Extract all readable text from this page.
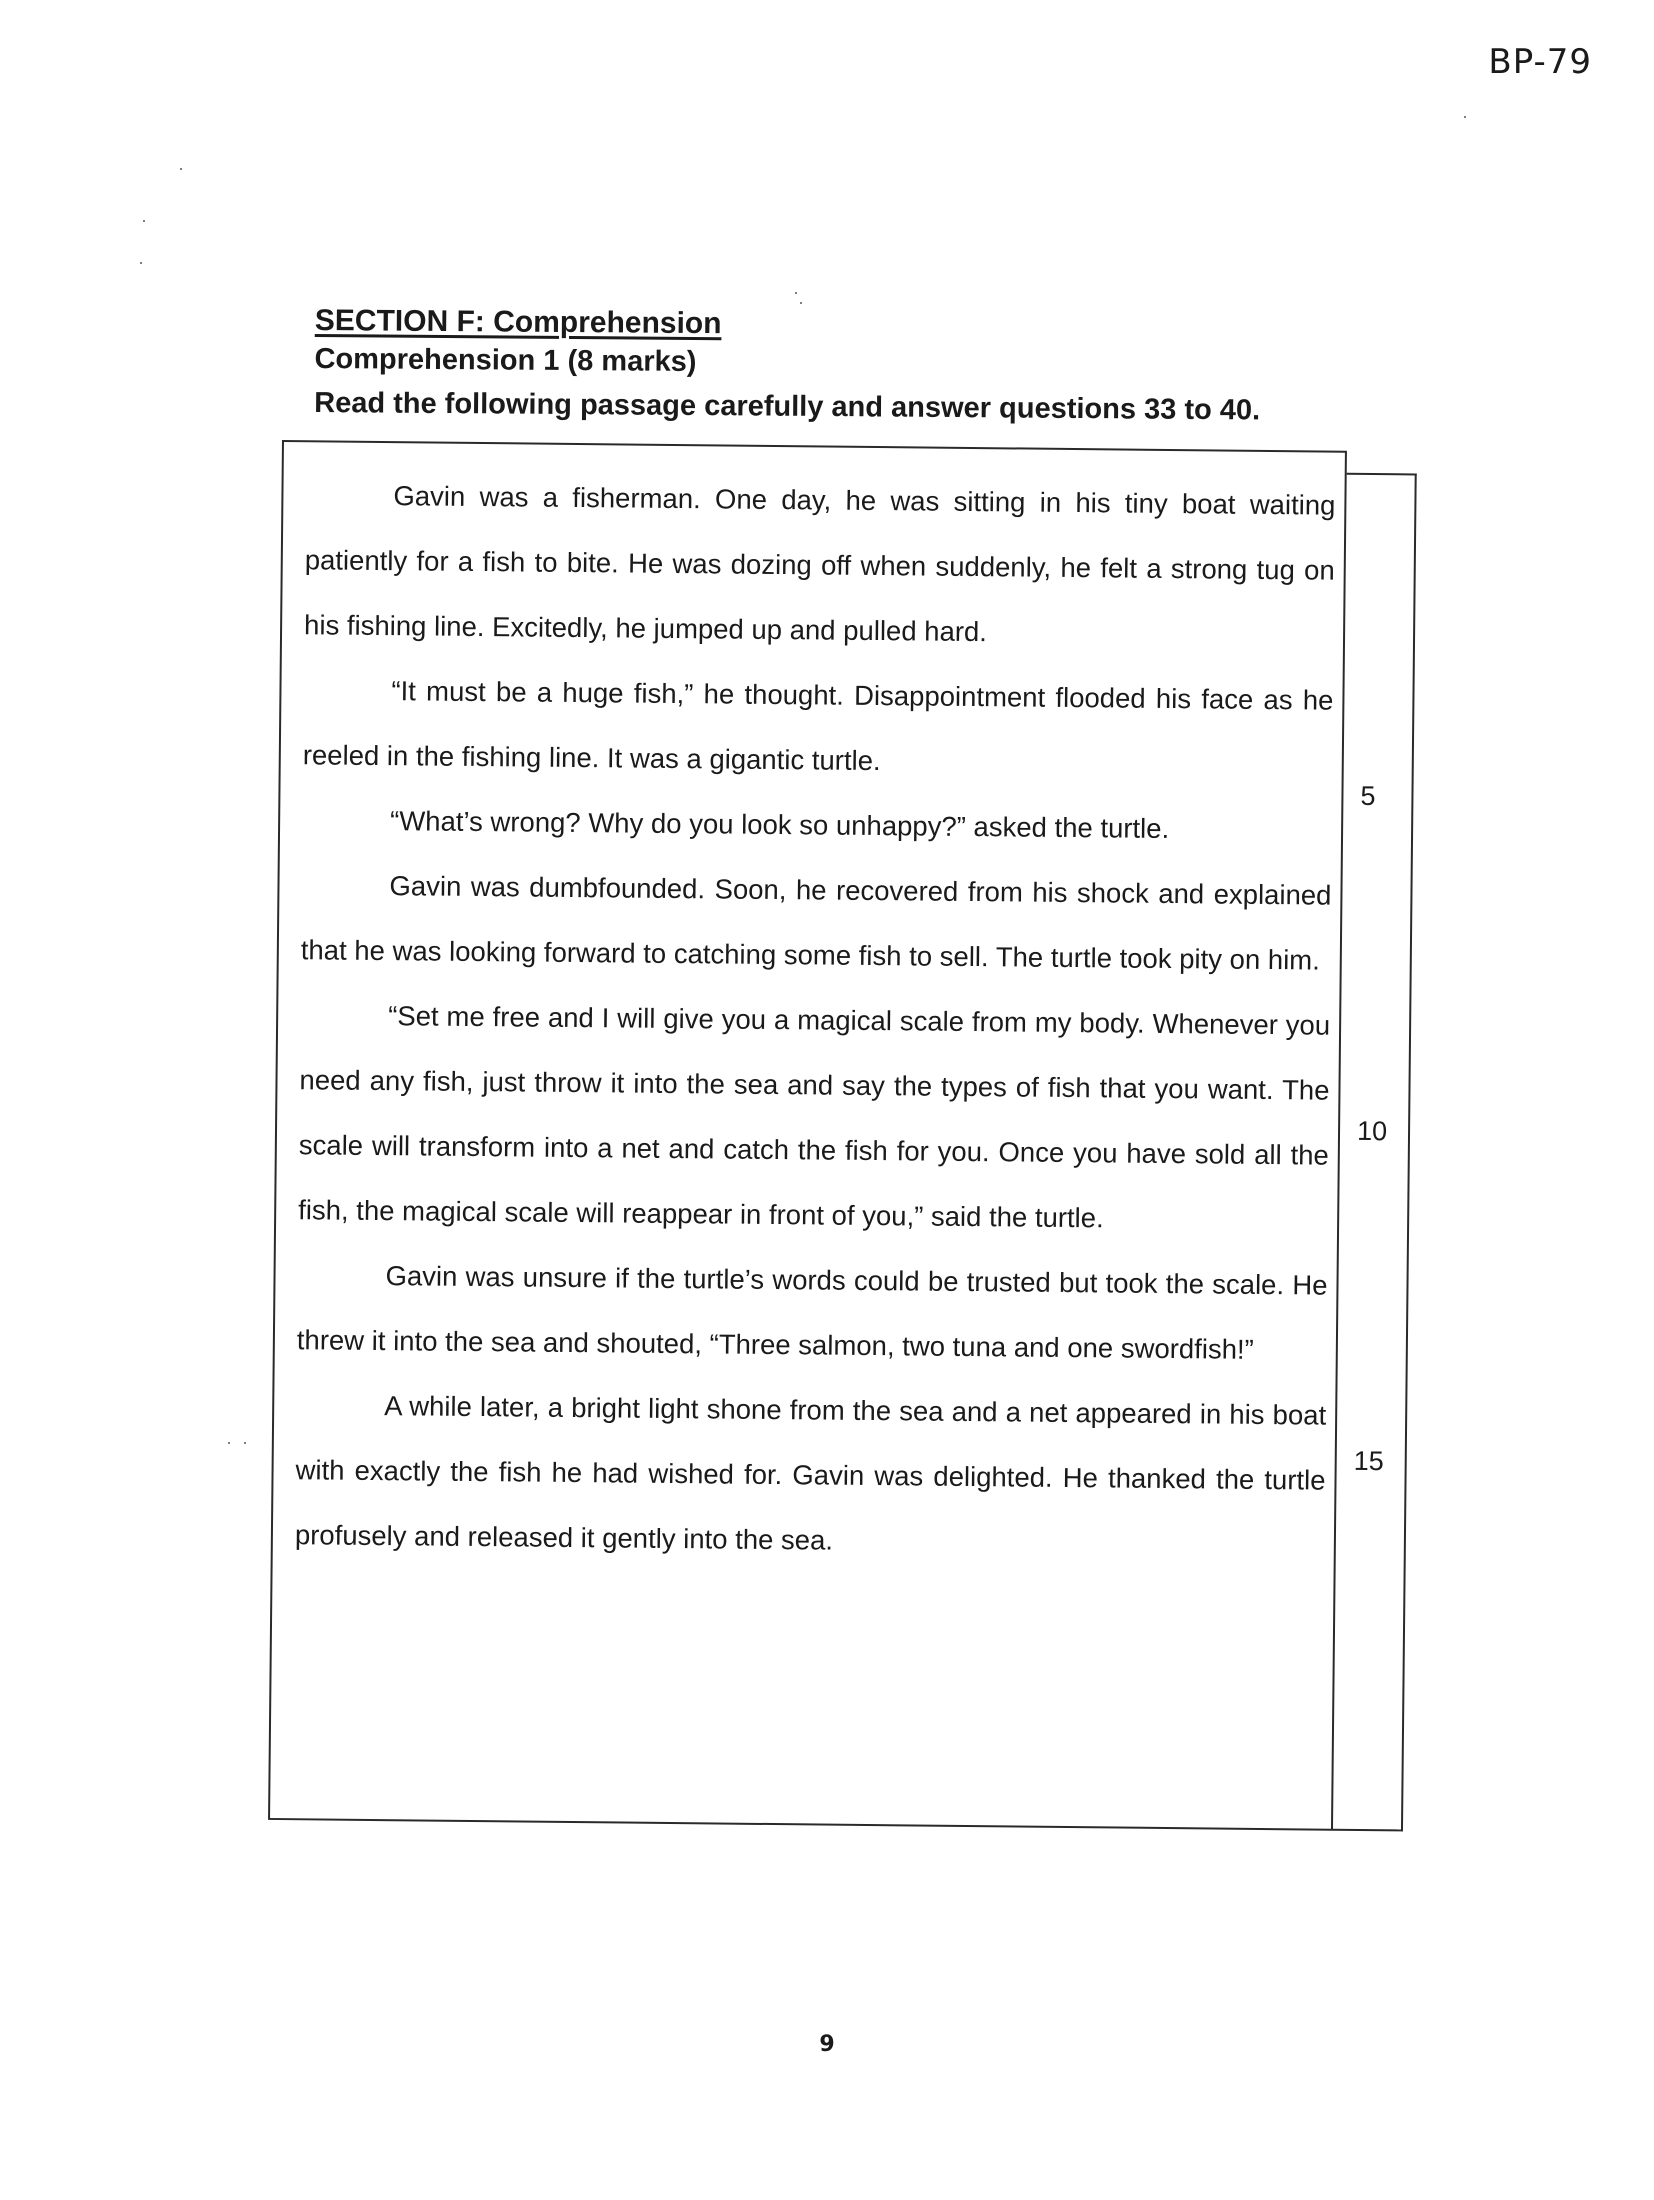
BP-79
SECTION F: Comprehension
Comprehension 1 (8 marks)
Read the following passage carefully and answer questions 33 to 40.

Gavin was a fisherman. One day, he was sitting in his tiny boat waiting patiently for a fish to bite. He was dozing off when suddenly, he felt a strong tug on his fishing line. Excitedly, he jumped up and pulled hard.

“It must be a huge fish,” he thought. Disappointment flooded his face as he reeled in the fishing line. It was a gigantic turtle.

“What’s wrong? Why do you look so unhappy?” asked the turtle.

Gavin was dumbfounded. Soon, he recovered from his shock and explained that he was looking forward to catching some fish to sell. The turtle took pity on him.

“Set me free and I will give you a magical scale from my body. Whenever you need any fish, just throw it into the sea and say the types of fish that you want. The scale will transform into a net and catch the fish for you. Once you have sold all the fish, the magical scale will reappear in front of you,” said the turtle.

Gavin was unsure if the turtle’s words could be trusted but took the scale. He threw it into the sea and shouted, “Three salmon, two tuna and one swordfish!”

A while later, a bright light shone from the sea and a net appeared in his boat with exactly the fish he had wished for. Gavin was delighted. He thanked the turtle profusely and released it gently into the sea.

5
10
15
9
